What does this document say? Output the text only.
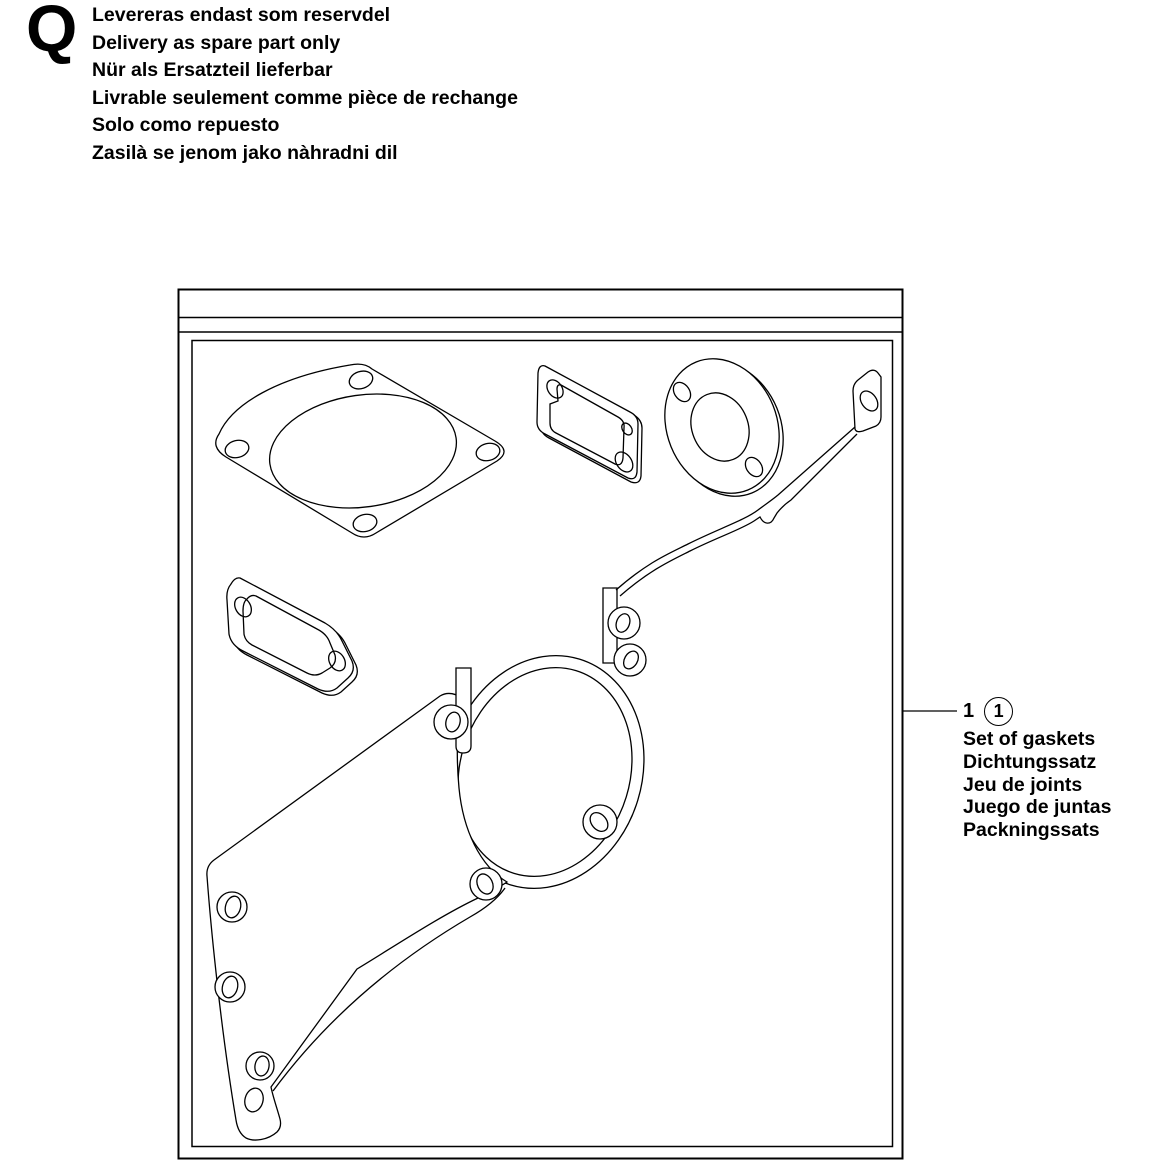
Q Levereras endast som reservdel
Delivery as spare part only
Nür als Ersatzteil lieferbar
Livrable seulement comme pièce de rechange
Solo como repuesto
Zasilà se jenom jako nàhradni dil
1	1
Set of gaskets
Dichtungssatz
Jeu de joints
Juego de juntas
Packningssats
